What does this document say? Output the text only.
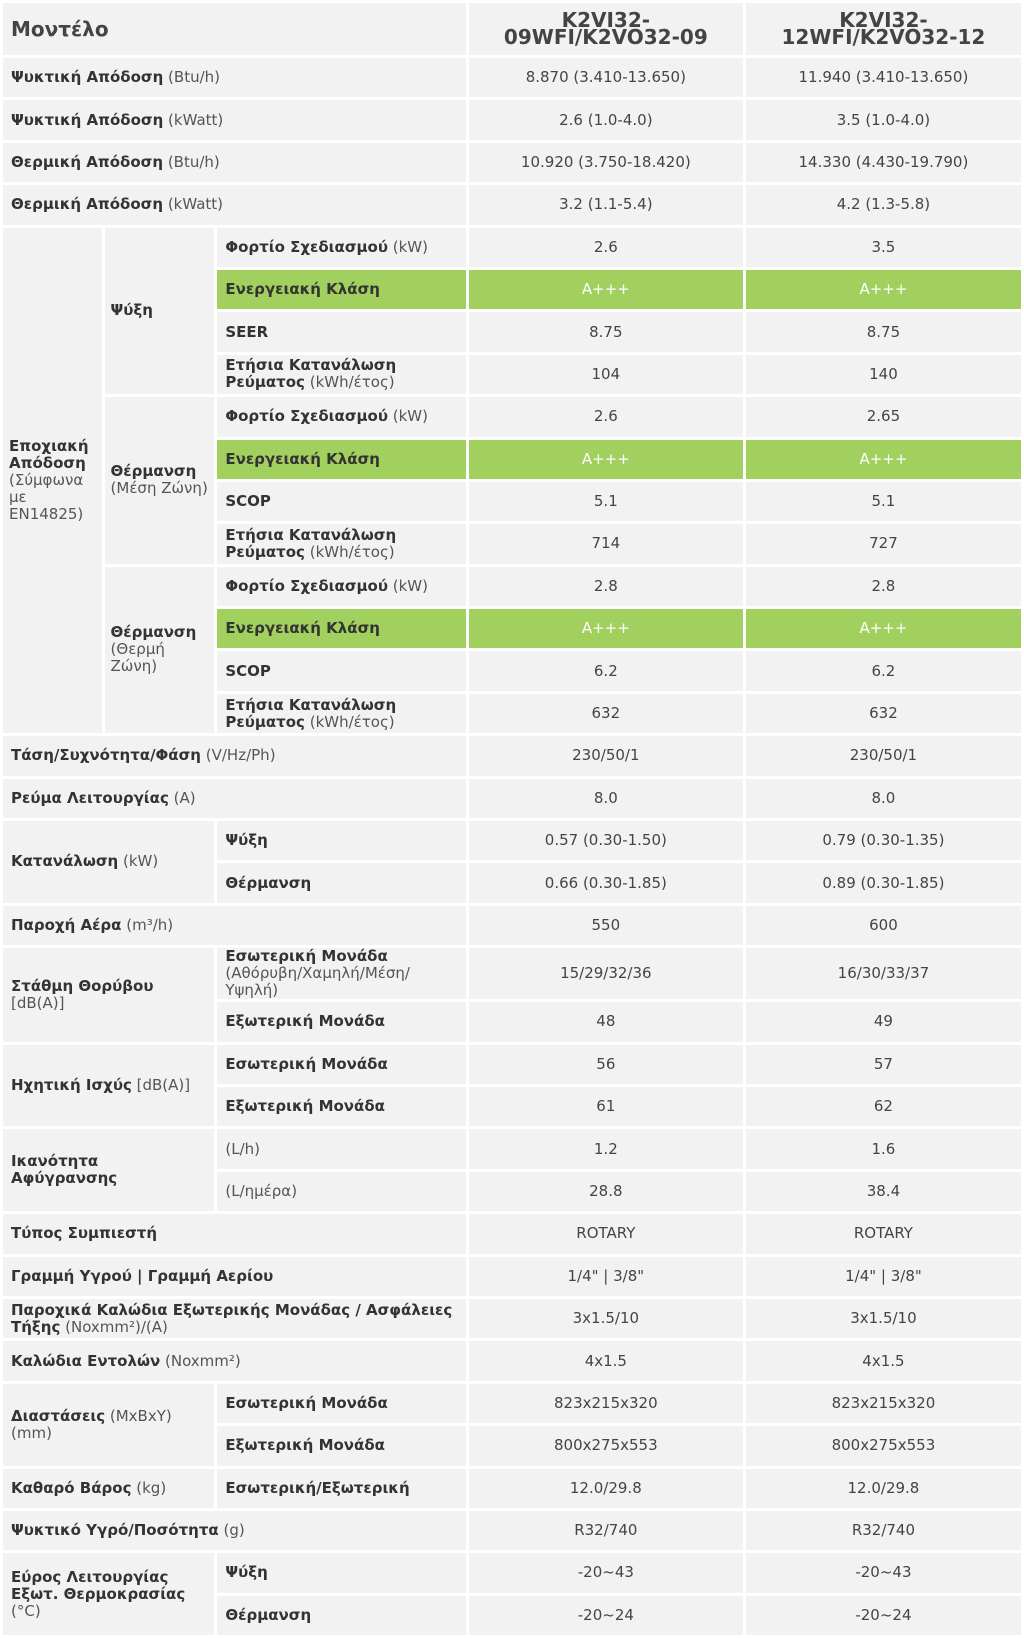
Μοντέλο			K2VI32-09WFI/K2VO32-09	K2VI32-12WFI/K2VO32-12
Ψυκτική Απόδοση (Btu/h)			8.870 (3.410-13.650)	11.940 (3.410-13.650)
Ψυκτική Απόδοση (kWatt)			2.6 (1.0-4.0)	3.5 (1.0-4.0)
Θερμική Απόδοση (Btu/h)			10.920 (3.750-18.420)	14.330 (4.430-19.790)
Θερμική Απόδοση (kWatt)			3.2 (1.1-5.4)	4.2 (1.3-5.8)
Εποχιακή Απόδοση (Σύμφωνα με EN14825)	Ψύξη	Φορτίο Σχεδιασμού (kW)	2.6	3.5
		Ενεργειακή Κλάση	A+++	A+++
		SEER	8.75	8.75
		Ετήσια Κατανάλωση Ρεύματος (kWh/έτος)	104	140
	Θέρμανση (Μέση Ζώνη)	Φορτίο Σχεδιασμού (kW)	2.6	2.65
		Ενεργειακή Κλάση	A+++	A+++
		SCOP	5.1	5.1
		Ετήσια Κατανάλωση Ρεύματος (kWh/έτος)	714	727
	Θέρμανση (Θερμή Ζώνη)	Φορτίο Σχεδιασμού (kW)	2.8	2.8
		Ενεργειακή Κλάση	A+++	A+++
		SCOP	6.2	6.2
		Ετήσια Κατανάλωση Ρεύματος (kWh/έτος)	632	632
Τάση/Συχνότητα/Φάση (V/Hz/Ph)			230/50/1	230/50/1
Ρεύμα Λειτουργίας (A)			8.0	8.0
Κατανάλωση (kW)		Ψύξη	0.57 (0.30-1.50)	0.79 (0.30-1.35)
		Θέρμανση	0.66 (0.30-1.85)	0.89 (0.30-1.85)
Παροχή Αέρα (m³/h)			550	600
Στάθμη Θορύβου [dB(A)]		Εσωτερική Μονάδα (Αθόρυβη/Χαμηλή/Μέση/Υψηλή)	15/29/32/36	16/30/33/37
		Εξωτερική Μονάδα	48	49
Ηχητική Ισχύς [dB(A)]		Εσωτερική Μονάδα	56	57
		Εξωτερική Μονάδα	61	62
Ικανότητα Αφύγρανσης		(L/h)	1.2	1.6
		(L/ημέρα)	28.8	38.4
Τύπος Συμπιεστή			ROTARY	ROTARY
Γραμμή Υγρού | Γραμμή Αερίου			1/4" | 3/8"	1/4" | 3/8"
Παροχικά Καλώδια Εξωτερικής Μονάδας / Ασφάλειες Τήξης (Noxmm²)/(A)			3x1.5/10	3x1.5/10
Καλώδια Εντολών (Noxmm²)			4x1.5	4x1.5
Διαστάσεις (ΜxΒxΥ) (mm)		Εσωτερική Μονάδα	823x215x320	823x215x320
		Εξωτερική Μονάδα	800x275x553	800x275x553
Καθαρό Βάρος (kg)		Εσωτερική/Εξωτερική	12.0/29.8	12.0/29.8
Ψυκτικό Υγρό/Ποσότητα (g)			R32/740	R32/740
Εύρος Λειτουργίας Εξωτ. Θερμοκρασίας (°C)		Ψύξη	-20~43	-20~43
		Θέρμανση	-20~24	-20~24
